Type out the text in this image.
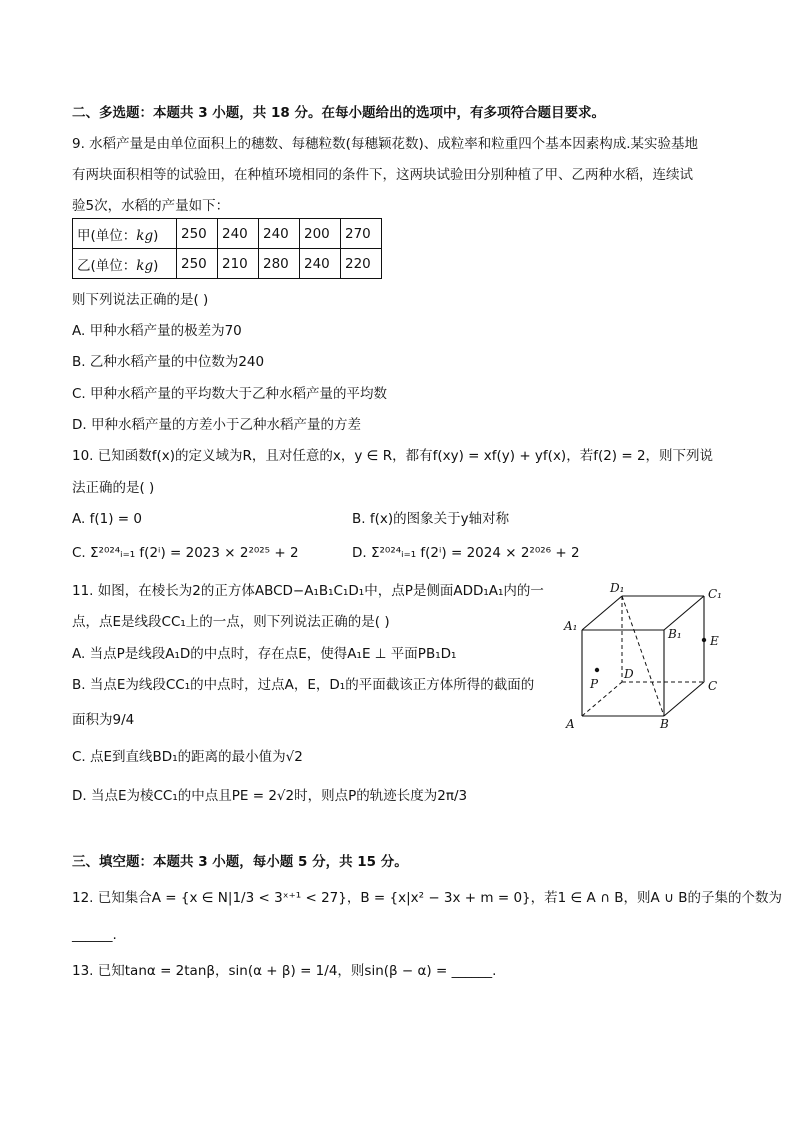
二、多选题：本题共 3 小题，共 18 分。在每小题给出的选项中，有多项符合题目要求。
9. 水稻产量是由单位面积上的穗数、每穗粒数(每穗颖花数)、成粒率和粒重四个基本因素构成.某实验基地
有两块面积相等的试验田，在种植环境相同的条件下，这两块试验田分别种植了甲、乙两种水稻，连续试
验5次，水稻的产量如下：
甲(单位：kg)	250	240	240	200	270
乙(单位：kg)	250	210	280	240	220
则下列说法正确的是( )
A. 甲种水稻产量的极差为70
B. 乙种水稻产量的中位数为240
C. 甲种水稻产量的平均数大于乙种水稻产量的平均数
D. 甲种水稻产量的方差小于乙种水稻产量的方差
10. 已知函数f(x)的定义域为R，且对任意的x，y ∈ R，都有f(xy) = xf(y) + yf(x)，若f(2) = 2，则下列说
法正确的是( )
A. f(1) = 0	B. f(x)的图象关于y轴对称
C. Σ²⁰²⁴ᵢ₌₁ f(2ⁱ) = 2023 × 2²⁰²⁵ + 2	D. Σ²⁰²⁴ᵢ₌₁ f(2ⁱ) = 2024 × 2²⁰²⁶ + 2
11. 如图，在棱长为2的正方体ABCD−A₁B₁C₁D₁中，点P是侧面ADD₁A₁内的一
点，点E是线段CC₁上的一点，则下列说法正确的是( )
A. 当点P是线段A₁D的中点时，存在点E，使得A₁E ⊥ 平面PB₁D₁
B. 当点E为线段CC₁的中点时，过点A，E，D₁的平面截该正方体所得的截面的
面积为9/4
C. 点E到直线BD₁的距离的最小值为√2
D. 当点E为棱CC₁的中点且PE = 2√2时，则点P的轨迹长度为2π/3
A	B
C
D
A₁
B₁
C₁
D₁
E
P
三、填空题：本题共 3 小题，每小题 5 分，共 15 分。
12. 已知集合A = {x ∈ N|1/3 < 3ˣ⁺¹ < 27}，B = {x|x² − 3x + m = 0}，若1 ∈ A ∩ B，则A ∪ B的子集的个数为
______.
13. 已知tanα = 2tanβ，sin(α + β) = 1/4，则sin(β − α) = ______.
